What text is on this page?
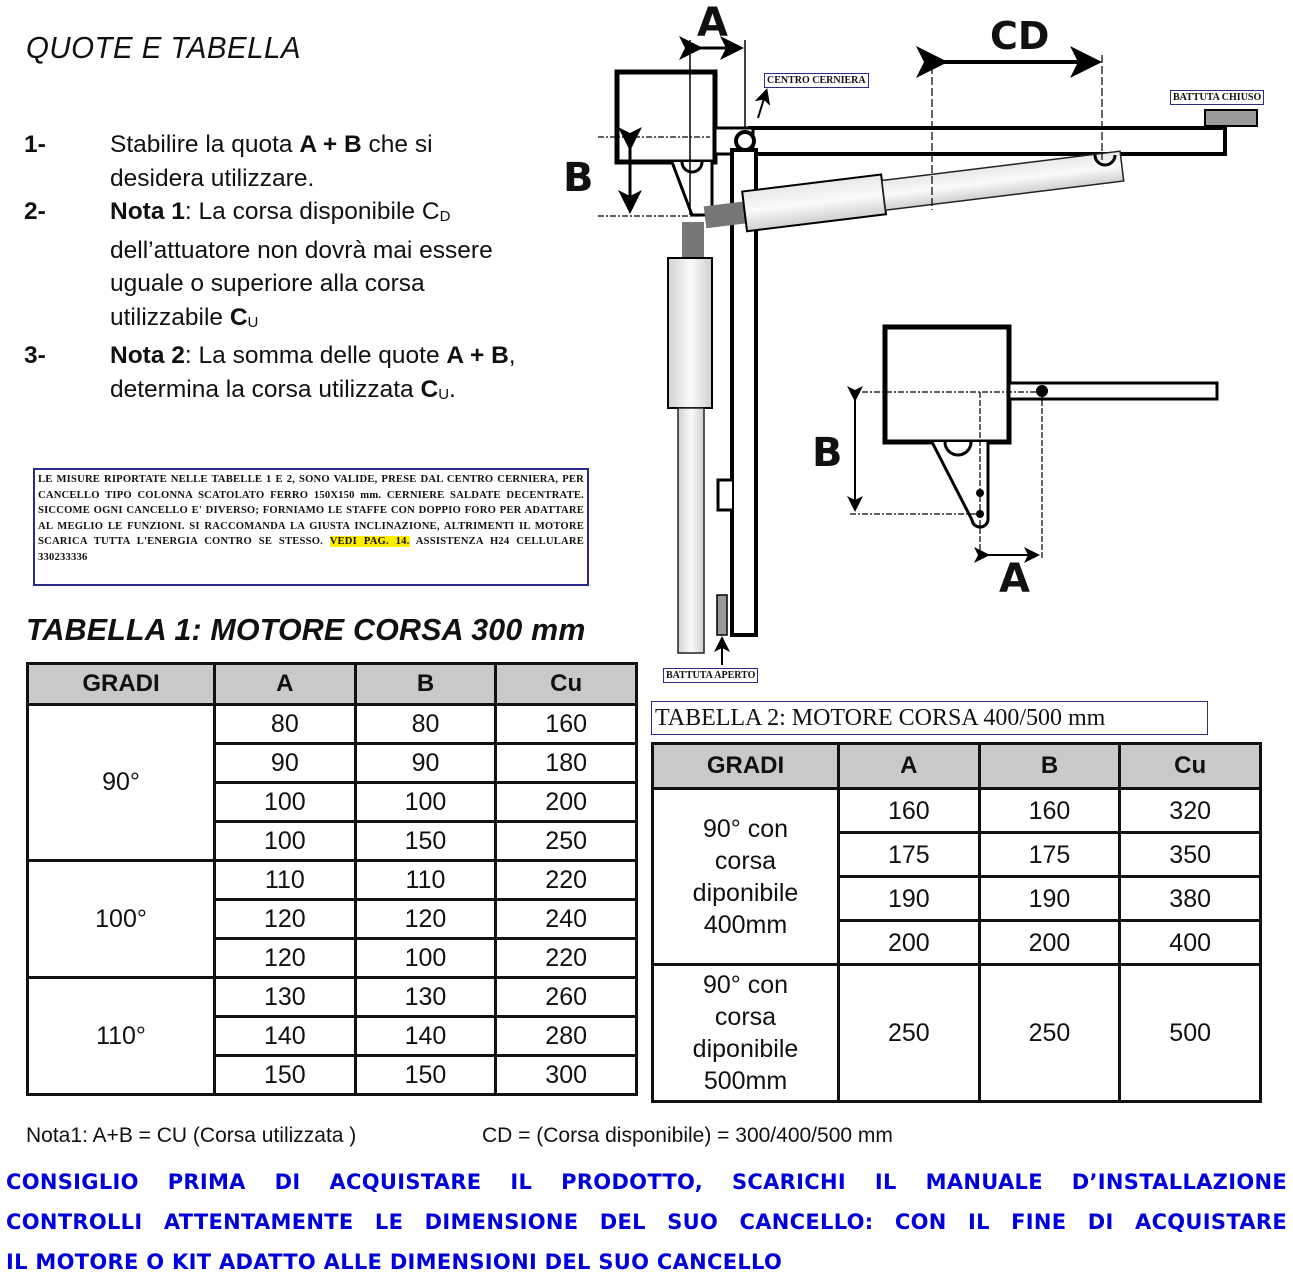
QUOTE E TABELLA
1-	Stabilire la quota A + B che si desidera utilizzare.
2-	Nota 1: La corsa disponibile CD dell’attuatore non dovrà mai essere uguale o superiore alla corsa utilizzabile CU
3-	Nota 2: La somma delle quote A + B, determina la corsa utilizzata CU.
LE MISURE RIPORTATE NELLE TABELLE 1 E 2, SONO VALIDE, PRESE DAL CENTRO CERNIERA, PER CANCELLO TIPO COLONNA SCATOLATO FERRO 150X150 mm. CERNIERE SALDATE DECENTRATE. SICCOME OGNI CANCELLO E' DIVERSO; FORNIAMO LE STAFFE CON DOPPIO FORO PER ADATTARE AL MEGLIO LE FUNZIONI. SI RACCOMANDA LA GIUSTA INCLINAZIONE, ALTRIMENTI IL MOTORE SCARICA TUTTA L'ENERGIA CONTRO SE STESSO. VEDI PAG. 14. ASSISTENZA H24 CELLULARE 330233336
A	CD
B
CENTRO CERNIERA
BATTUTA CHIUSO
BATTUTA APERTO
B
A
TABELLA 1: MOTORE CORSA 300 mm
GRADI	A	B	Cu
90°	80	80	160
	90	90	180
	100	100	200
	100	150	250
100°	110	110	220
	120	120	240
	120	100	220
110°	130	130	260
	140	140	280
	150	150	300
TABELLA 2: MOTORE CORSA 400/500 mm
GRADI	A	B	Cu
90° con corsa diponibile 400mm	160	160	320
	175	175	350
	190	190	380
	200	200	400
90° con corsa diponibile 500mm	250	250	500
Nota1: A+B = CU (Corsa utilizzata )	CD = (Corsa disponibile) = 300/400/500 mm
CONSIGLIO PRIMA DI ACQUISTARE IL PRODOTTO, SCARICHI IL MANUALE D’INSTALLAZIONE
CONTROLLI ATTENTAMENTE LE DIMENSIONE DEL SUO CANCELLO: CON IL FINE DI ACQUISTARE
IL MOTORE O KIT ADATTO ALLE DIMENSIONI DEL SUO CANCELLO
